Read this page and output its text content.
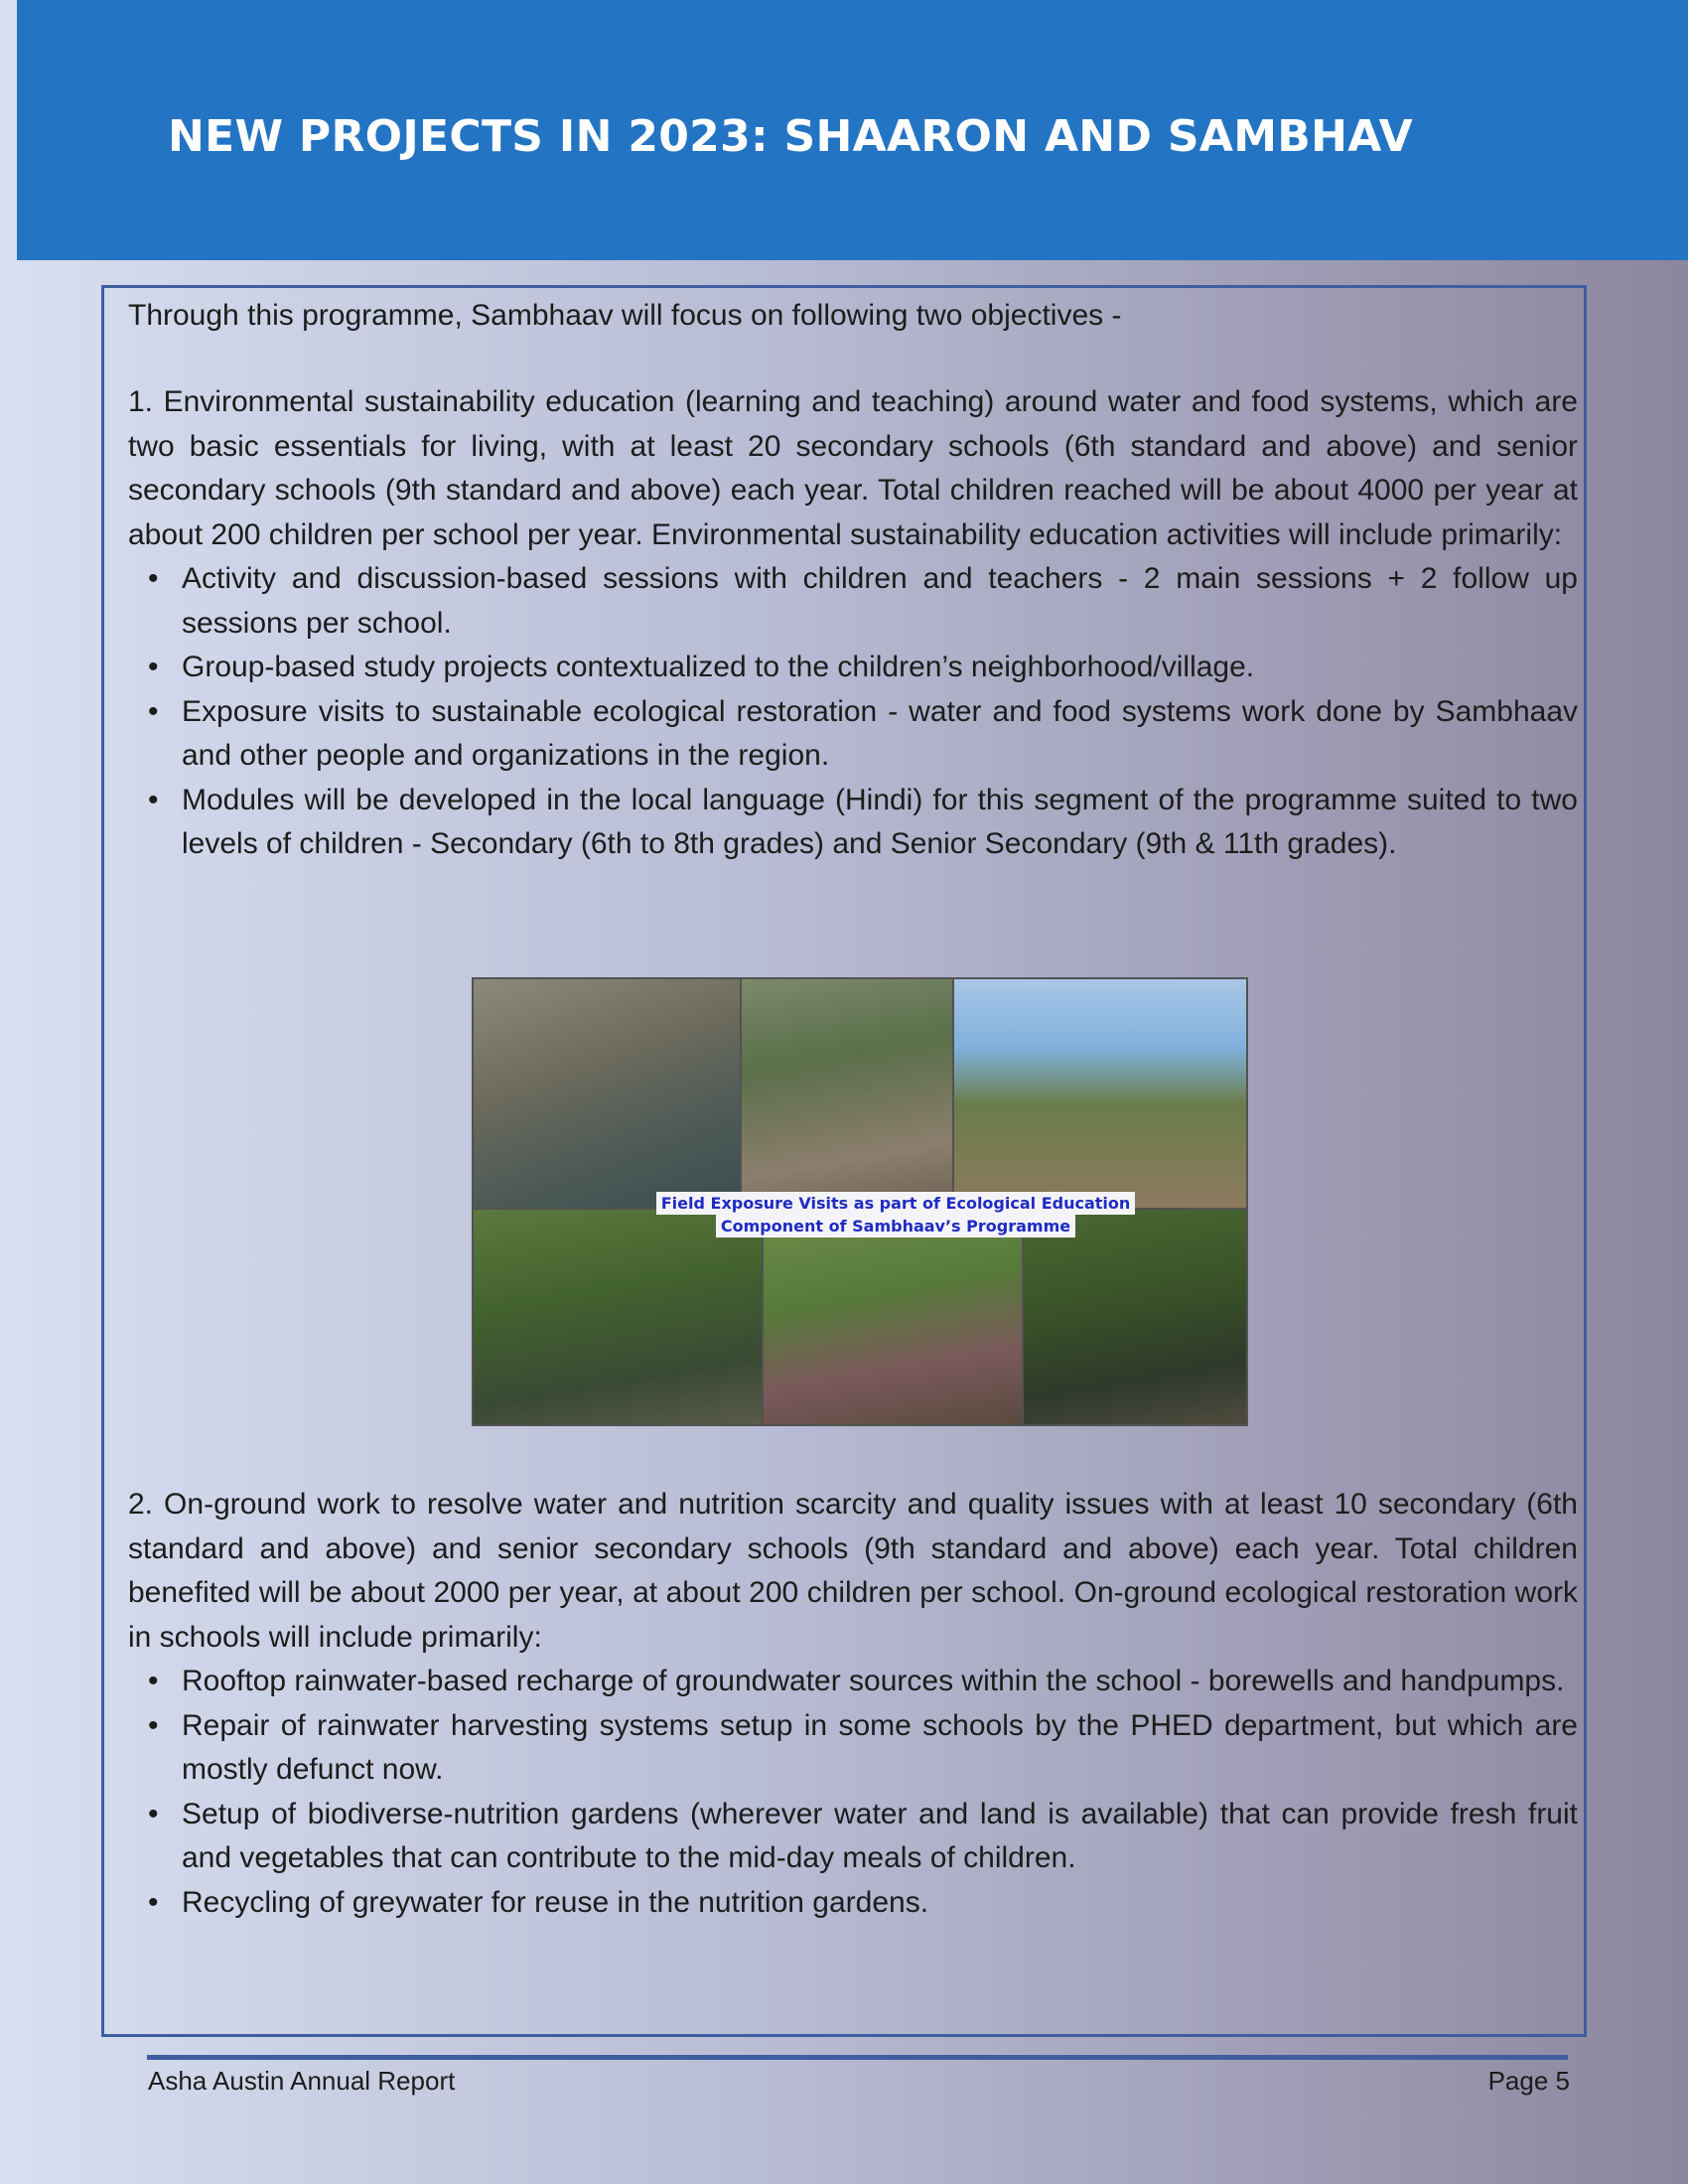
NEW PROJECTS IN 2023: SHAARON AND SAMBHAV

Through this programme, Sambhaav will focus on following two objectives -

1. Environmental sustainability education (learning and teaching) around water and food systems, which are two basic essentials for living, with at least 20 secondary schools (6th standard and above) and senior secondary schools (9th standard and above) each year. Total children reached will be about 4000 per year at about 200 children per school per year. Environmental sustainability education activities will include primarily:

• Activity and discussion-based sessions with children and teachers - 2 main sessions + 2 follow up sessions per school.
• Group-based study projects contextualized to the children’s neighborhood/village.
• Exposure visits to sustainable ecological restoration - water and food systems work done by Sambhaav and other people and organizations in the region.
• Modules will be developed in the local language (Hindi) for this segment of the programme suited to two levels of children - Secondary (6th to 8th grades) and Senior Secondary (9th & 11th grades).
Field Exposure Visits as part of Ecological Education
Component of Sambhaav’s Programme

2. On-ground work to resolve water and nutrition scarcity and quality issues with at least 10 secondary (6th standard and above) and senior secondary schools (9th standard and above) each year. Total children benefited will be about 2000 per year, at about 200 children per school. On-ground ecological restoration work in schools will include primarily:

• Rooftop rainwater-based recharge of groundwater sources within the school - borewells and handpumps.
• Repair of rainwater harvesting systems setup in some schools by the PHED department, but which are mostly defunct now.
• Setup of biodiverse-nutrition gardens (wherever water and land is available) that can provide fresh fruit and vegetables that can contribute to the mid-day meals of children.
• Recycling of greywater for reuse in the nutrition gardens.
Asha Austin Annual Report	Page 5
